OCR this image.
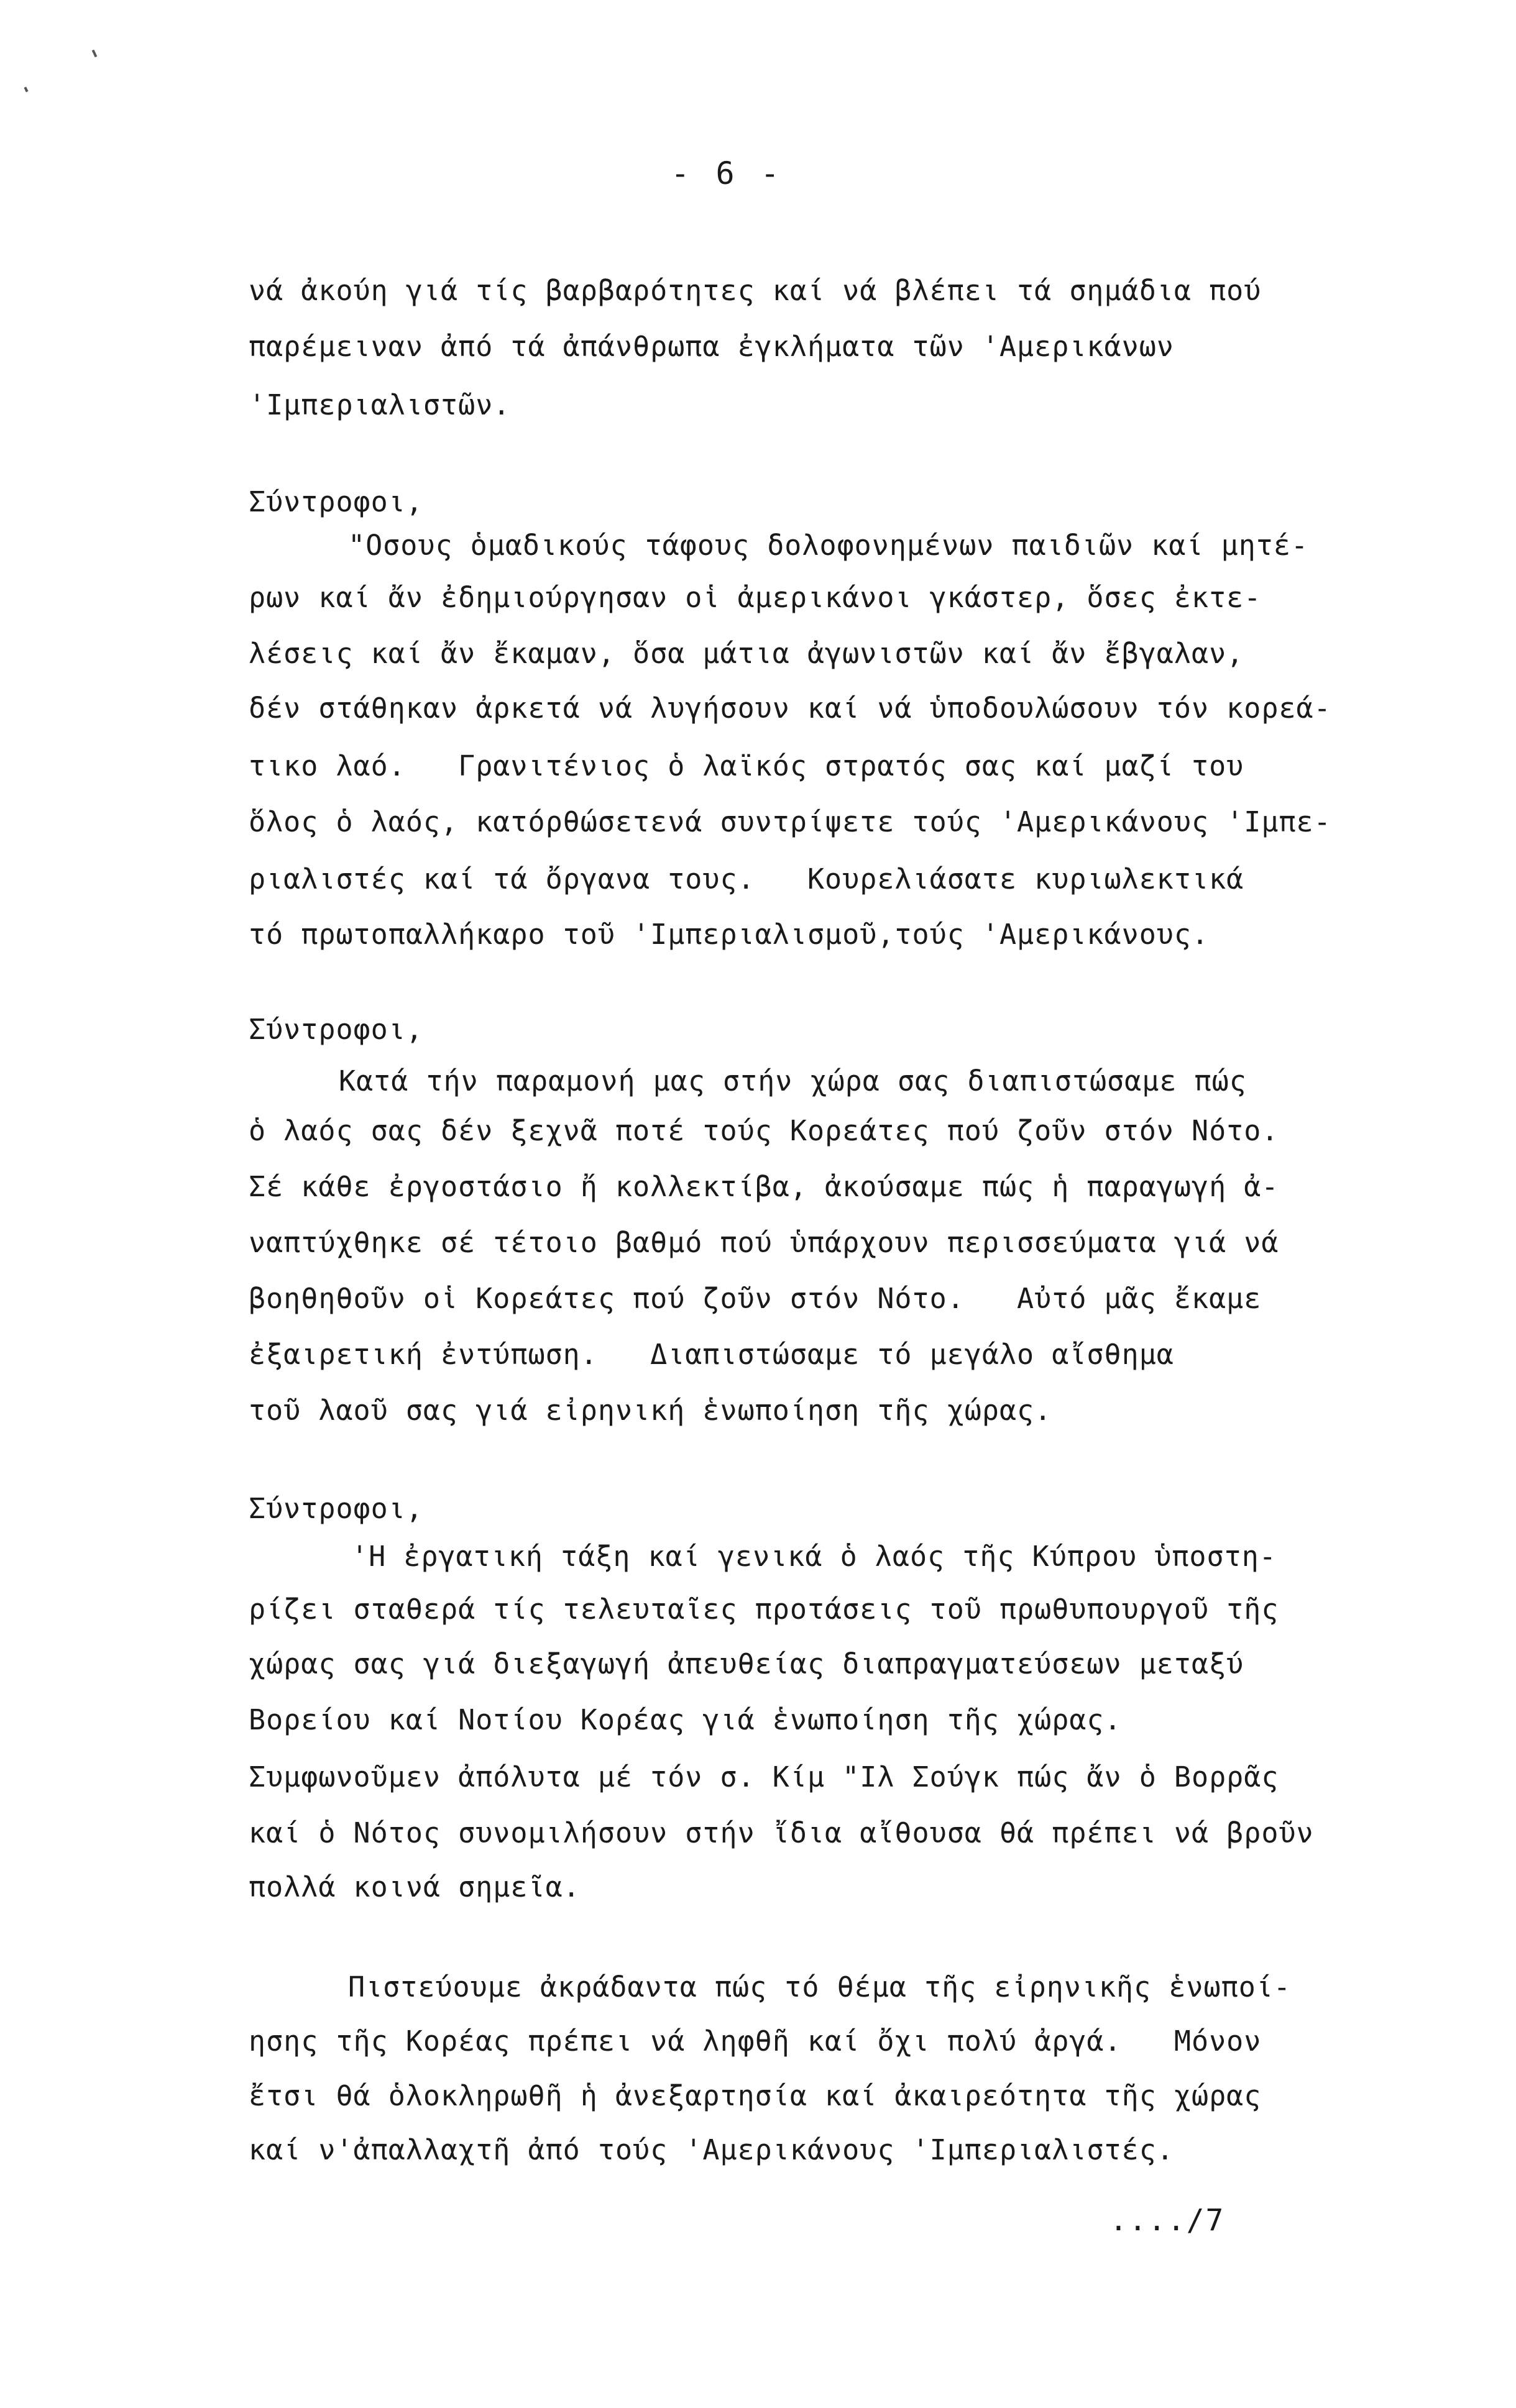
- 6 -
νά ἀκούη γιά τίς βαρβαρότητες καί νά βλέπει τά σημάδια πού
παρέμειναν ἀπό τά ἀπάνθρωπα ἐγκλήματα τῶν 'Αμερικάνων
'Ιμπεριαλιστῶν.
Σύντροφοι,
"Οσους ὁμαδικούς τάφους δολοφονημένων παιδιῶν καί μητέ-
ρων καί ἄν ἐδημιούργησαν οἱ ἀμερικάνοι γκάστερ, ὅσες ἐκτε-
λέσεις καί ἄν ἔκαμαν, ὅσα μάτια ἀγωνιστῶν καί ἄν ἔβγαλαν,
δέν στάθηκαν ἀρκετά νά λυγήσουν καί νά ὑποδουλώσουν τόν κορεά-
τικο λαό.   Γρανιτένιος ὁ λαϊκός στρατός σας καί μαζί του
ὅλος ὁ λαός, κατόρθώσετενά συντρίψετε τούς 'Αμερικάνους 'Ιμπε-
ριαλιστές καί τά ὄργανα τους.   Κουρελιάσατε κυριωλεκτικά
τό πρωτοπαλλήκαρο τοῦ 'Ιμπεριαλισμοῦ,τούς 'Αμερικάνους.
Σύντροφοι,
Κατά τήν παραμονή μας στήν χώρα σας διαπιστώσαμε πώς
ὁ λαός σας δέν ξεχνᾶ ποτέ τούς Κορεάτες πού ζοῦν στόν Νότο.
Σέ κάθε ἐργοστάσιο ἤ κολλεκτίβα, ἀκούσαμε πώς ἡ παραγωγή ἀ-
ναπτύχθηκε σέ τέτοιο βαθμό πού ὑπάρχουν περισσεύματα γιά νά
βοηθηθοῦν οἱ Κορεάτες πού ζοῦν στόν Νότο.   Αὐτό μᾶς ἔκαμε
ἐξαιρετική ἐντύπωση.   Διαπιστώσαμε τό μεγάλο αἴσθημα
τοῦ λαοῦ σας γιά εἰρηνική ἑνωποίηση τῆς χώρας.
Σύντροφοι,
'Η ἐργατική τάξη καί γενικά ὁ λαός τῆς Κύπρου ὑποστη-
ρίζει σταθερά τίς τελευταῖες προτάσεις τοῦ πρωθυπουργοῦ τῆς
χώρας σας γιά διεξαγωγή ἀπευθείας διαπραγματεύσεων μεταξύ
Βορείου καί Νοτίου Κορέας γιά ἑνωποίηση τῆς χώρας.
Συμφωνοῦμεν ἀπόλυτα μέ τόν σ. Κίμ "Ιλ Σούγκ πώς ἄν ὁ Βορρᾶς
καί ὁ Νότος συνομιλήσουν στήν ἴδια αἴθουσα θά πρέπει νά βροῦν
πολλά κοινά σημεῖα.
Πιστεύουμε ἀκράδαντα πώς τό θέμα τῆς εἰρηνικῆς ἑνωποί-
ησης τῆς Κορέας πρέπει νά ληφθῆ καί ὄχι πολύ ἀργά.   Μόνον
ἔτσι θά ὁλοκληρωθῆ ἡ ἀνεξαρτησία καί ἀκαιρεότητα τῆς χώρας
καί ν'ἀπαλλαχτῆ ἀπό τούς 'Αμερικάνους 'Ιμπεριαλιστές.
..../7
